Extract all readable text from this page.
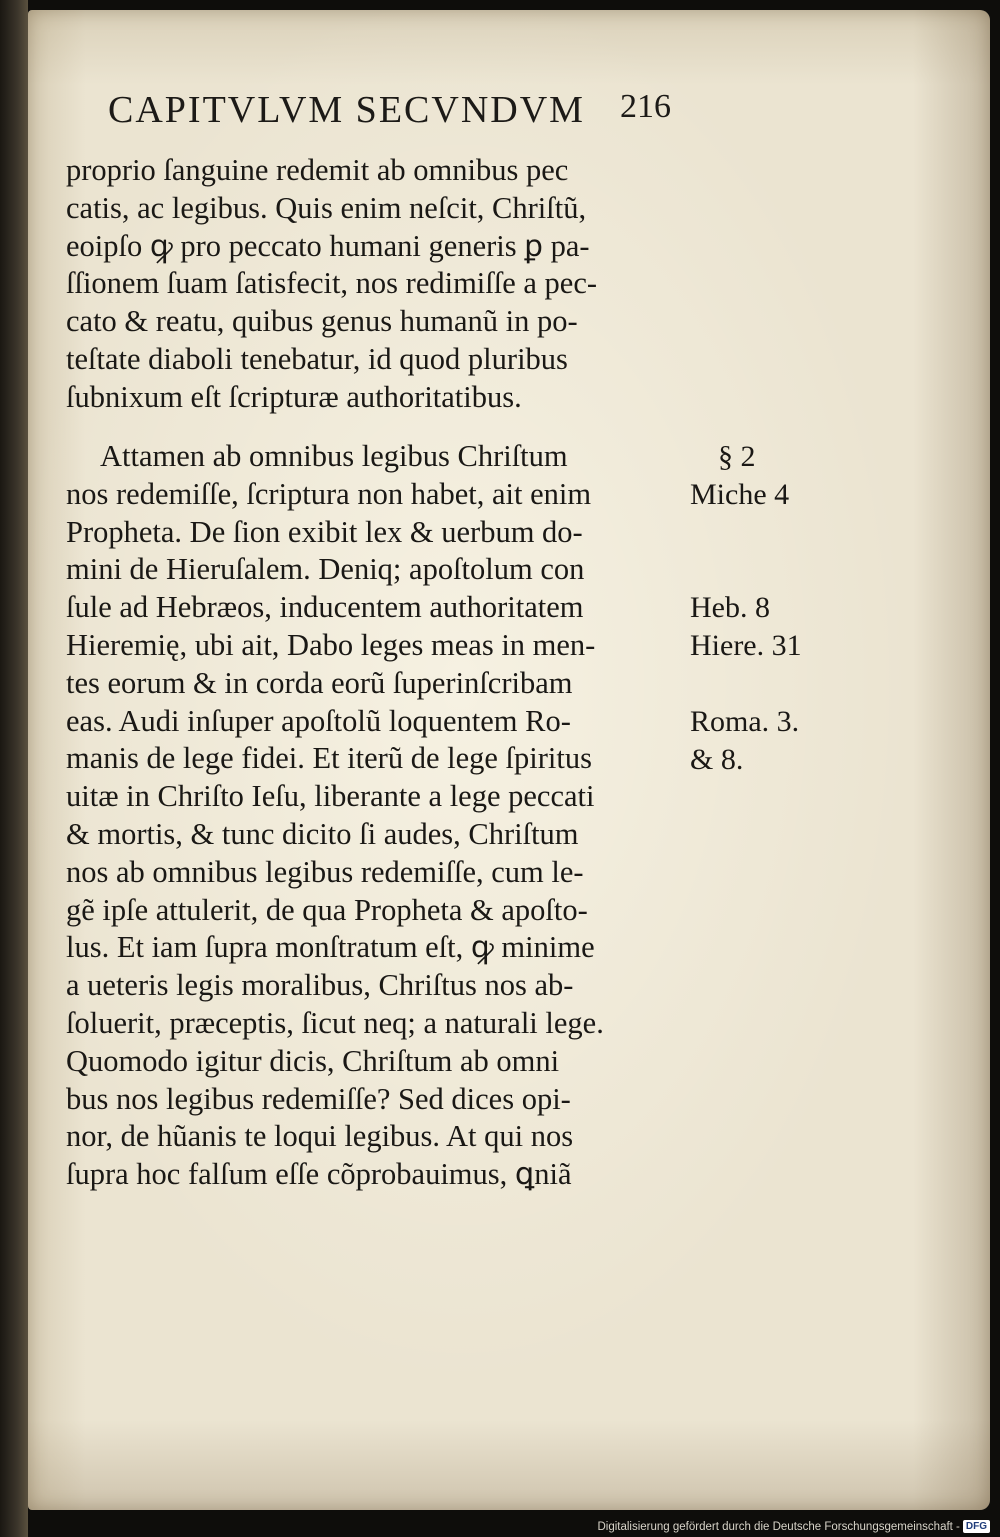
CAPITVLVM SECVNDVM 216
proprio ſanguine redemit ab omnibus pec
catis, ac legibus. Quis enim neſcit, Chriſtũ,
eoipſo ꝙ pro peccato humani generis ꝑ pa-
ſſionem ſuam ſatisfecit, nos redimiſſe a pec-
cato & reatu, quibus genus humanũ in po-
teſtate diaboli tenebatur, id quod pluribus
ſubnixum eſt ſcripturæ authoritatibus.
Attamen ab omnibus legibus Chriſtum
nos redemiſſe, ſcriptura non habet, ait enim
Propheta. De ſion exibit lex & uerbum do-
mini de Hieruſalem. Deniq; apoſtolum con
ſule ad Hebræos, inducentem authoritatem
Hieremię, ubi ait, Dabo leges meas in men-
tes eorum & in corda eorũ ſuperinſcribam
eas. Audi inſuper apoſtolũ loquentem Ro-
manis de lege fidei. Et iterũ de lege ſpiritus
uitæ in Chriſto Ieſu, liberante a lege peccati
& mortis, & tunc dicito ſi audes, Chriſtum
nos ab omnibus legibus redemiſſe, cum le-
gẽ ipſe attulerit, de qua Propheta & apoſto-
lus. Et iam ſupra monſtratum eſt, ꝙ minime
a ueteris legis moralibus, Chriſtus nos ab-
ſoluerit, præceptis, ſicut neq; a naturali lege.
Quomodo igitur dicis, Chriſtum ab omni
bus nos legibus redemiſſe? Sed dices opi-
nor, de hũanis te loqui legibus. At qui nos
ſupra hoc falſum eſſe cõprobauimus, ꝗniã
§ 2
Miche 4
Heb. 8
Hiere. 31
Roma. 3.
& 8.
Digitalisierung gefördert durch die Deutsche Forschungsgemeinschaft - DFG
